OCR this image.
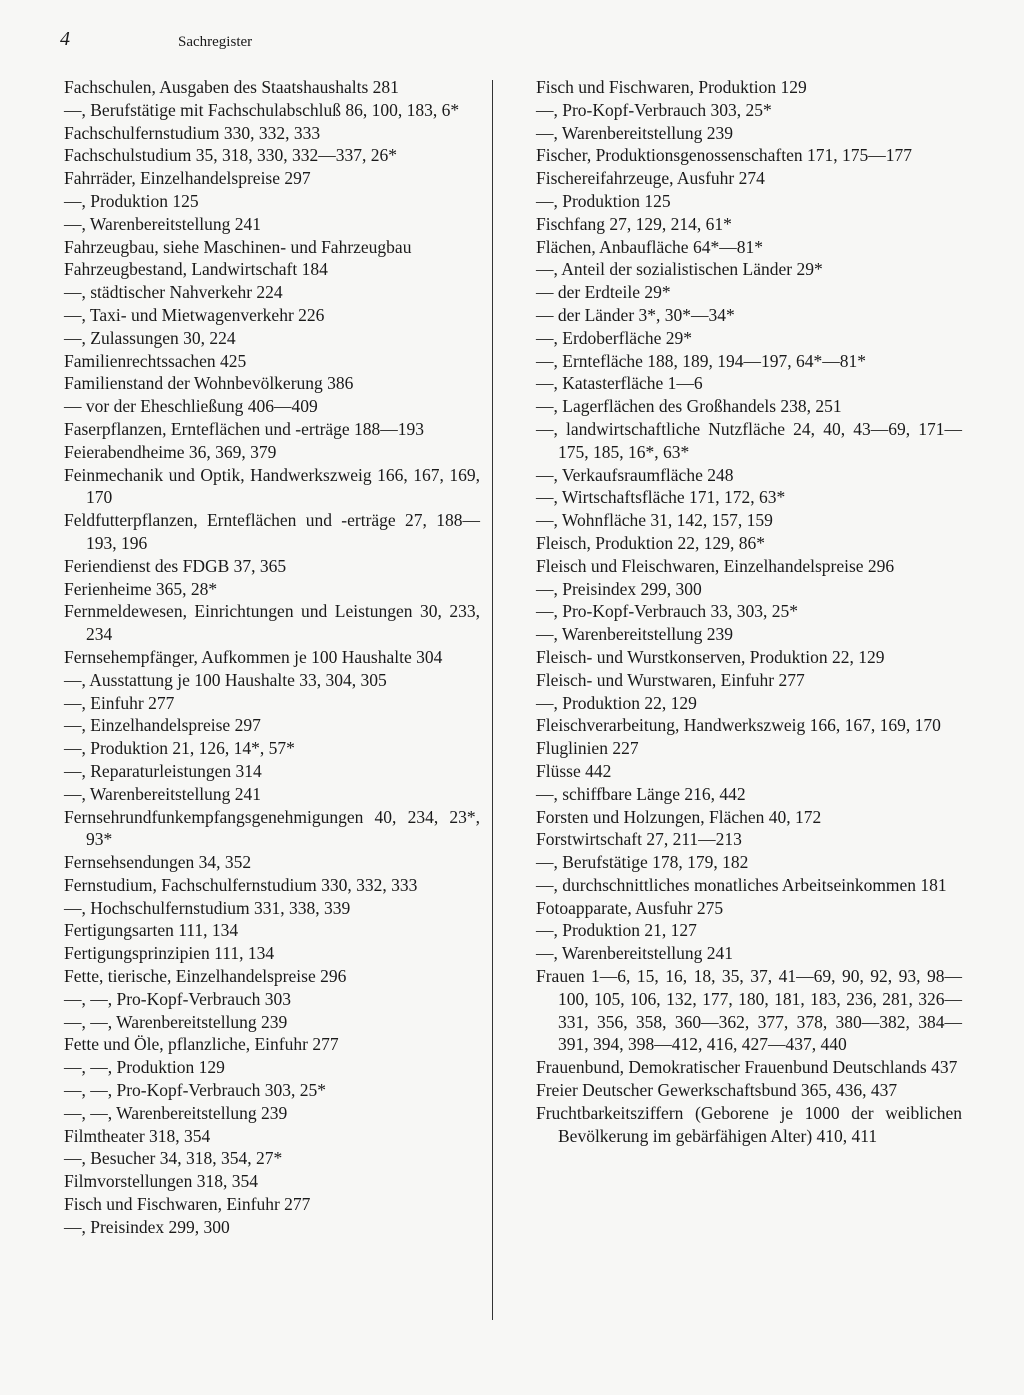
4	Sachregister
Fachschulen, Ausgaben des Staatshaushalts 281
—, Berufstätige mit Fachschulabschluß 86, 100, 183, 6*
Fachschulfernstudium 330, 332, 333
Fachschulstudium 35, 318, 330, 332—337, 26*
Fahrräder, Einzelhandelspreise 297
—, Produktion 125
—, Warenbereitstellung 241
Fahrzeugbau, siehe Maschinen- und Fahrzeugbau
Fahrzeugbestand, Landwirtschaft 184
—, städtischer Nahverkehr 224
—, Taxi- und Mietwagenverkehr 226
—, Zulassungen 30, 224
Familienrechtssachen 425
Familienstand der Wohnbevölkerung 386
— vor der Eheschließung 406—409
Faserpflanzen, Ernteflächen und -erträge 188—193
Feierabendheime 36, 369, 379
Feinmechanik und Optik, Handwerkszweig 166, 167, 169, 170
Feldfutterpflanzen, Ernteflächen und -erträge 27, 188—193, 196
Feriendienst des FDGB 37, 365
Ferienheime 365, 28*
Fernmeldewesen, Einrichtungen und Leistungen 30, 233, 234
Fernsehempfänger, Aufkommen je 100 Haushalte 304
—, Ausstattung je 100 Haushalte 33, 304, 305
—, Einfuhr 277
—, Einzelhandelspreise 297
—, Produktion 21, 126, 14*, 57*
—, Reparaturleistungen 314
—, Warenbereitstellung 241
Fernsehrundfunkempfangsgenehmigungen 40, 234, 23*, 93*
Fernsehsendungen 34, 352
Fernstudium, Fachschulfernstudium 330, 332, 333
—, Hochschulfernstudium 331, 338, 339
Fertigungsarten 111, 134
Fertigungsprinzipien 111, 134
Fette, tierische, Einzelhandelspreise 296
—, —, Pro-Kopf-Verbrauch 303
—, —, Warenbereitstellung 239
Fette und Öle, pflanzliche, Einfuhr 277
—, —, Produktion 129
—, —, Pro-Kopf-Verbrauch 303, 25*
—, —, Warenbereitstellung 239
Filmtheater 318, 354
—, Besucher 34, 318, 354, 27*
Filmvorstellungen 318, 354
Fisch und Fischwaren, Einfuhr 277
—, Preisindex 299, 300
Fisch und Fischwaren, Produktion 129
—, Pro-Kopf-Verbrauch 303, 25*
—, Warenbereitstellung 239
Fischer, Produktionsgenossenschaften 171, 175—177
Fischereifahrzeuge, Ausfuhr 274
—, Produktion 125
Fischfang 27, 129, 214, 61*
Flächen, Anbaufläche 64*—81*
—, Anteil der sozialistischen Länder 29*
— der Erdteile 29*
— der Länder 3*, 30*—34*
—, Erdoberfläche 29*
—, Erntefläche 188, 189, 194—197, 64*—81*
—, Katasterfläche 1—6
—, Lagerflächen des Großhandels 238, 251
—, landwirtschaftliche Nutzfläche 24, 40, 43—69, 171—175, 185, 16*, 63*
—, Verkaufsraumfläche 248
—, Wirtschaftsfläche 171, 172, 63*
—, Wohnfläche 31, 142, 157, 159
Fleisch, Produktion 22, 129, 86*
Fleisch und Fleischwaren, Einzelhandelspreise 296
—, Preisindex 299, 300
—, Pro-Kopf-Verbrauch 33, 303, 25*
—, Warenbereitstellung 239
Fleisch- und Wurstkonserven, Produktion 22, 129
Fleisch- und Wurstwaren, Einfuhr 277
—, Produktion 22, 129
Fleischverarbeitung, Handwerkszweig 166, 167, 169, 170
Fluglinien 227
Flüsse 442
—, schiffbare Länge 216, 442
Forsten und Holzungen, Flächen 40, 172
Forstwirtschaft 27, 211—213
—, Berufstätige 178, 179, 182
—, durchschnittliches monatliches Arbeitseinkommen 181
Fotoapparate, Ausfuhr 275
—, Produktion 21, 127
—, Warenbereitstellung 241
Frauen 1—6, 15, 16, 18, 35, 37, 41—69, 90, 92, 93, 98—100, 105, 106, 132, 177, 180, 181, 183, 236, 281, 326—331, 356, 358, 360—362, 377, 378, 380—382, 384—391, 394, 398—412, 416, 427—437, 440
Frauenbund, Demokratischer Frauenbund Deutschlands 437
Freier Deutscher Gewerkschaftsbund 365, 436, 437
Fruchtbarkeitsziffern (Geborene je 1000 der weiblichen Bevölkerung im gebärfähigen Alter) 410, 411
